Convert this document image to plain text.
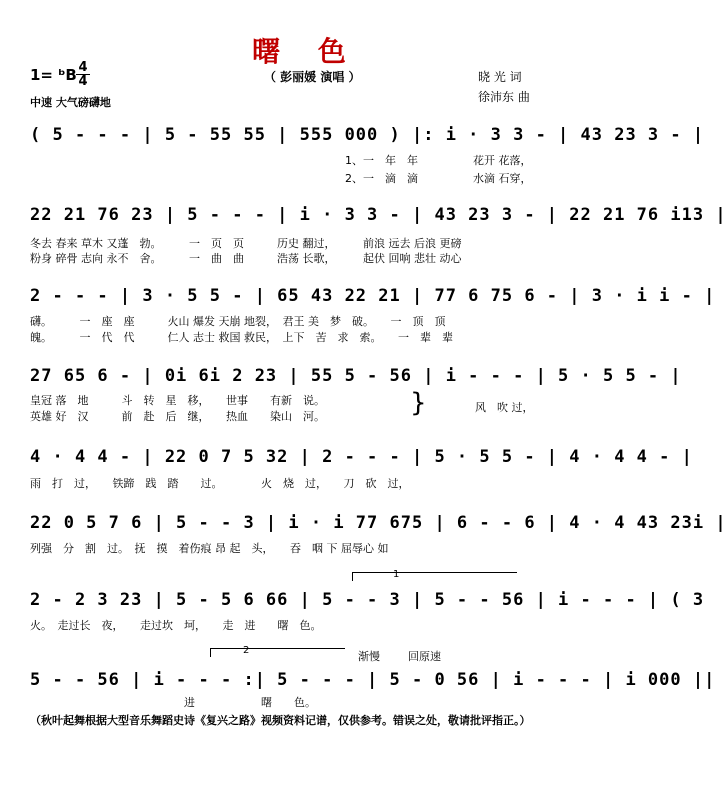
曙 色
1= ᵇB 4
4	（ 彭丽媛 演唱 ）	晓 光 词
徐沛东 曲
中速 大气磅礴地
( 5 - - - | 5 - 55 55 | 555 000 ) |: i · 3 3 - | 43 23 3 - |
1、一　年　年　　　　　花开 花落，
2、一　滴　滴　　　　　水滴 石穿，
22 21 76 23 | 5 - - - | i · 3 3 - | 43 23 3 - | 22 21 76 i13 |
冬去 春来 草木 又蓬　勃。　　　一　页　页　　　历史 翻过，　　　前浪 远去 后浪 更磅
粉身 碎骨 志向 永不　舍。　　　一　曲　曲　　　浩荡 长歌，　　　起伏 回响 悲壮 动心
2 - - - | 3 · 5 5 - | 65 43 22 21 | 77 6 75 6 - | 3 · i i - |
礴。　　　一　座　座　　　火山 爆发 天崩 地裂，　君王 美　梦　破。　　一　顶　顶
魄。　　　一　代　代　　　仁人 志士 救国 救民，　上下　苦　求　索。　　一　辈　辈
27 65 6 - | 0i 6i 2 23 | 55 5 - 56 | i - - - | 5 · 5 5 - |
皇冠 落　地　　　斗　转　星　移，　　世事　　有新　说。
英雄 好　汉　　　前　赴　后　继，　　热血　　染山　河。	}	风　吹 过，
4 · 4 4 - | 22 0 7 5 32 | 2 - - - | 5 · 5 5 - | 4 · 4 4 - |
雨　打　过，　　铁蹄　践　踏　　过。　　　　火　烧　过，　　刀　砍　过，
22 0 5 7 6 | 5 - - 3 | i · i 77 675 | 6 - - 6 | 4 · 4 43 23i |
列强　分　割　过。　抚　摸　着伤痕 昂 起　头，　　吞　咽 下 屈辱心 如
1
2 - 2 3 23 | 5 - 5 6 66 | 5 - - 3 | 5 - - 56 | i - - - | ( 3
火。　走过长　夜，　　走过坎　坷，　　走　进　　曙　色。
2	渐慢	回原速
5 - - 56 | i - - - :| 5 - - - | 5 - 0 56 | i - - - | i 000 ||
　　　　　　　　　　　　　　进　　　　　　曙　　色。
（秋叶起舞根据大型音乐舞蹈史诗《复兴之路》视频资料记谱，仅供参考。错误之处，敬请批评指正。）
